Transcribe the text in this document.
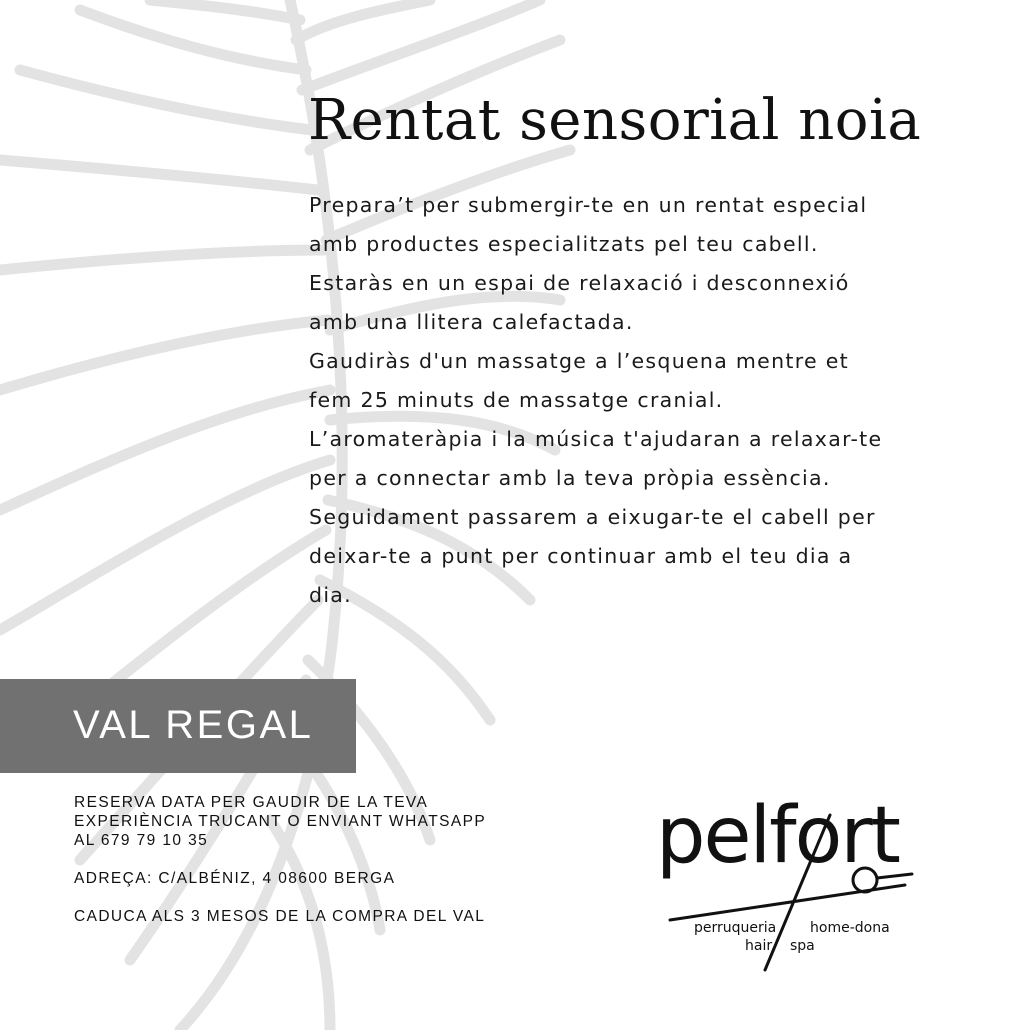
Rentat sensorial noia
Prepara’t per submergir-te en un rentat especial
amb productes especialitzats pel teu cabell.
Estaràs en un espai de relaxació i desconnexió
amb una llitera calefactada.
Gaudiràs d'un massatge a l’esquena mentre et
fem 25 minuts de massatge cranial.
L’aromateràpia i la música t'ajudaran a relaxar-te
per a connectar amb la teva pròpia essència.
Seguidament passarem a eixugar-te el cabell per
deixar-te a punt per continuar amb el teu dia a
dia.
VAL REGAL
RESERVA DATA PER GAUDIR DE LA TEVA
EXPERIÈNCIA TRUCANT O ENVIANT WHATSAPP
AL 679 79 10 35
ADREÇA: C/ALBÉNIZ, 4 08600 BERGA
CADUCA ALS 3 MESOS DE LA COMPRA DEL VAL
pelfort
perruqueria home-dona
hair spa
